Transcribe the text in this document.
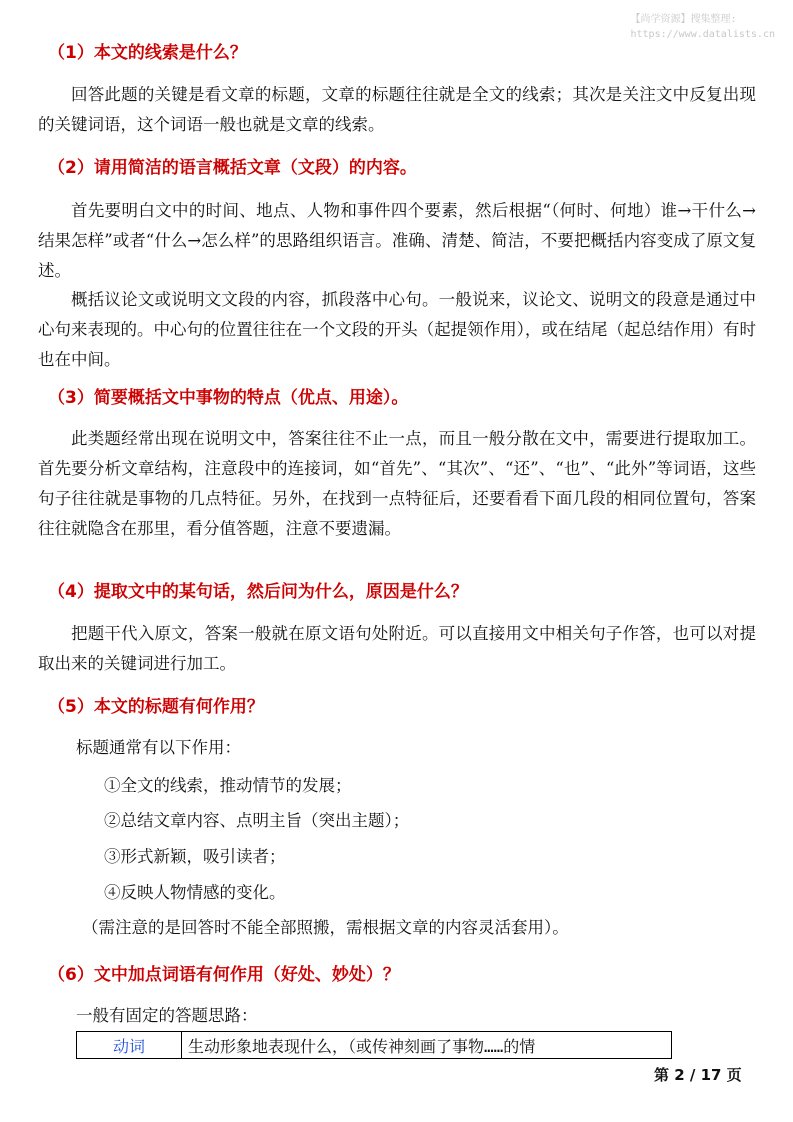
【尚学资源】搜集整理:
https://www.datalists.cn
（1）本文的线索是什么？

回答此题的关键是看文章的标题，文章的标题往往就是全文的线索；其次是关注文中反复出现的关键词语，这个词语一般也就是文章的线索。

（2）请用简洁的语言概括文章（文段）的内容。

首先要明白文中的时间、地点、人物和事件四个要素，然后根据“（何时、何地）谁→干什么→结果怎样”或者“什么→怎么样”的思路组织语言。准确、清楚、简洁，不要把概括内容变成了原文复述。

概括议论文或说明文文段的内容，抓段落中心句。一般说来，议论文、说明文的段意是通过中心句来表现的。中心句的位置往往在一个文段的开头（起提领作用），或在结尾（起总结作用）有时也在中间。

（3）简要概括文中事物的特点（优点、用途）。

此类题经常出现在说明文中，答案往往不止一点，而且一般分散在文中，需要进行提取加工。首先要分析文章结构，注意段中的连接词，如“首先”、“其次”、“还”、“也”、“此外”等词语，这些句子往往就是事物的几点特征。另外，在找到一点特征后，还要看看下面几段的相同位置句，答案往往就隐含在那里，看分值答题，注意不要遗漏。

（4）提取文中的某句话，然后问为什么，原因是什么？

把题干代入原文，答案一般就在原文语句处附近。可以直接用文中相关句子作答，也可以对提取出来的关键词进行加工。

（5）本文的标题有何作用？

标题通常有以下作用：

①全文的线索，推动情节的发展；

②总结文章内容、点明主旨（突出主题）；

③形式新颖，吸引读者；

④反映人物情感的变化。

（需注意的是回答时不能全部照搬，需根据文章的内容灵活套用）。

（6）文中加点词语有何作用（好处、妙处）？

一般有固定的答题思路：

动词	生动形象地表现什么，（或传神刻画了事物……的情
第 2 / 17 页
